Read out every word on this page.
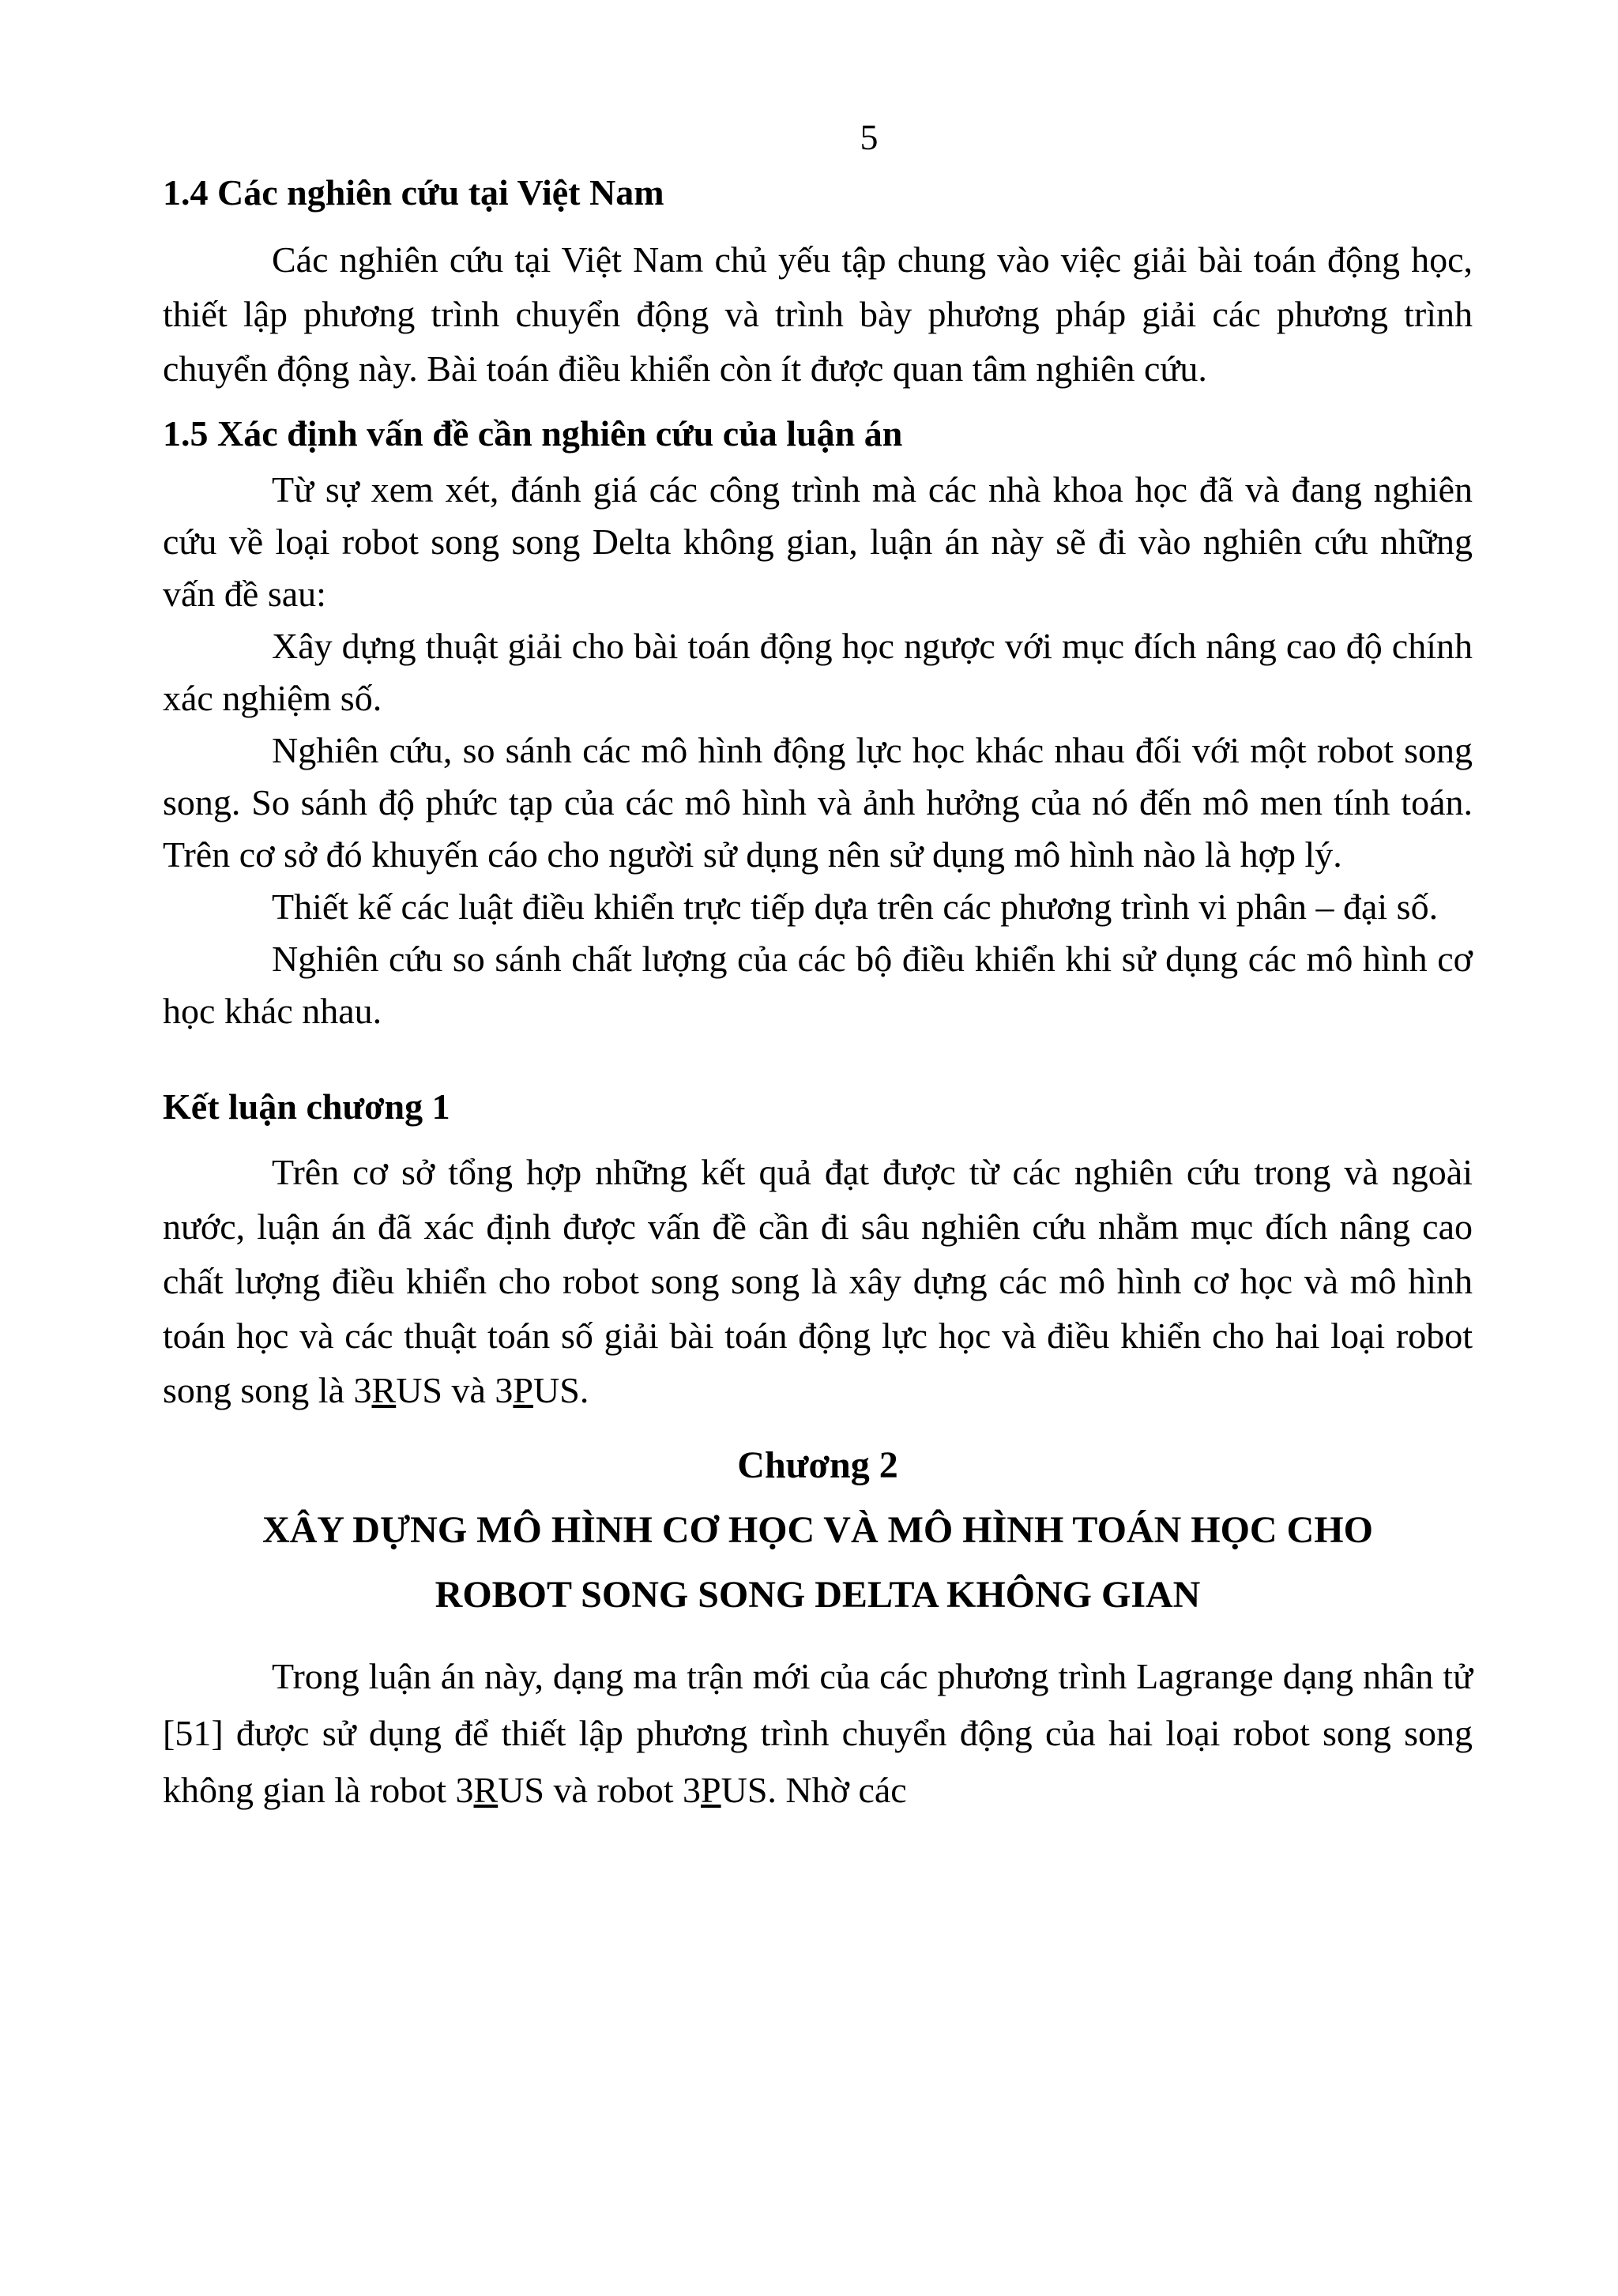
5

1.4 Các nghiên cứu tại Việt Nam

Các nghiên cứu tại Việt Nam chủ yếu tập chung vào việc giải bài toán động học, thiết lập phương trình chuyển động và trình bày phương pháp giải các phương trình chuyển động này. Bài toán điều khiển còn ít được quan tâm nghiên cứu.

1.5 Xác định vấn đề cần nghiên cứu của luận án

Từ sự xem xét, đánh giá các công trình mà các nhà khoa học đã và đang nghiên cứu về loại robot song song Delta không gian, luận án này sẽ đi vào nghiên cứu những vấn đề sau:

Xây dựng thuật giải cho bài toán động học ngược với mục đích nâng cao độ chính xác nghiệm số.

Nghiên cứu, so sánh các mô hình động lực học khác nhau đối với một robot song song. So sánh độ phức tạp của các mô hình và ảnh hưởng của nó đến mô men tính toán. Trên cơ sở đó khuyến cáo cho người sử dụng nên sử dụng mô hình nào là hợp lý.

Thiết kế các luật điều khiển trực tiếp dựa trên các phương trình vi phân – đại số.

Nghiên cứu so sánh chất lượng của các bộ điều khiển khi sử dụng các mô hình cơ học khác nhau.

Kết luận chương 1

Trên cơ sở tổng hợp những kết quả đạt được từ các nghiên cứu trong và ngoài nước, luận án đã xác định được vấn đề cần đi sâu nghiên cứu nhằm mục đích nâng cao chất lượng điều khiển cho robot song song là xây dựng các mô hình cơ học và mô hình toán học và các thuật toán số giải bài toán động lực học và điều khiển cho hai loại robot song song là 3RUS và 3PUS.

Chương 2

XÂY DỰNG MÔ HÌNH CƠ HỌC VÀ MÔ HÌNH TOÁN HỌC CHO

ROBOT SONG SONG DELTA KHÔNG GIAN

Trong luận án này, dạng ma trận mới của các phương trình Lagrange dạng nhân tử [51] được sử dụng để thiết lập phương trình chuyển động của hai loại robot song song không gian là robot 3RUS và robot 3PUS. Nhờ các
